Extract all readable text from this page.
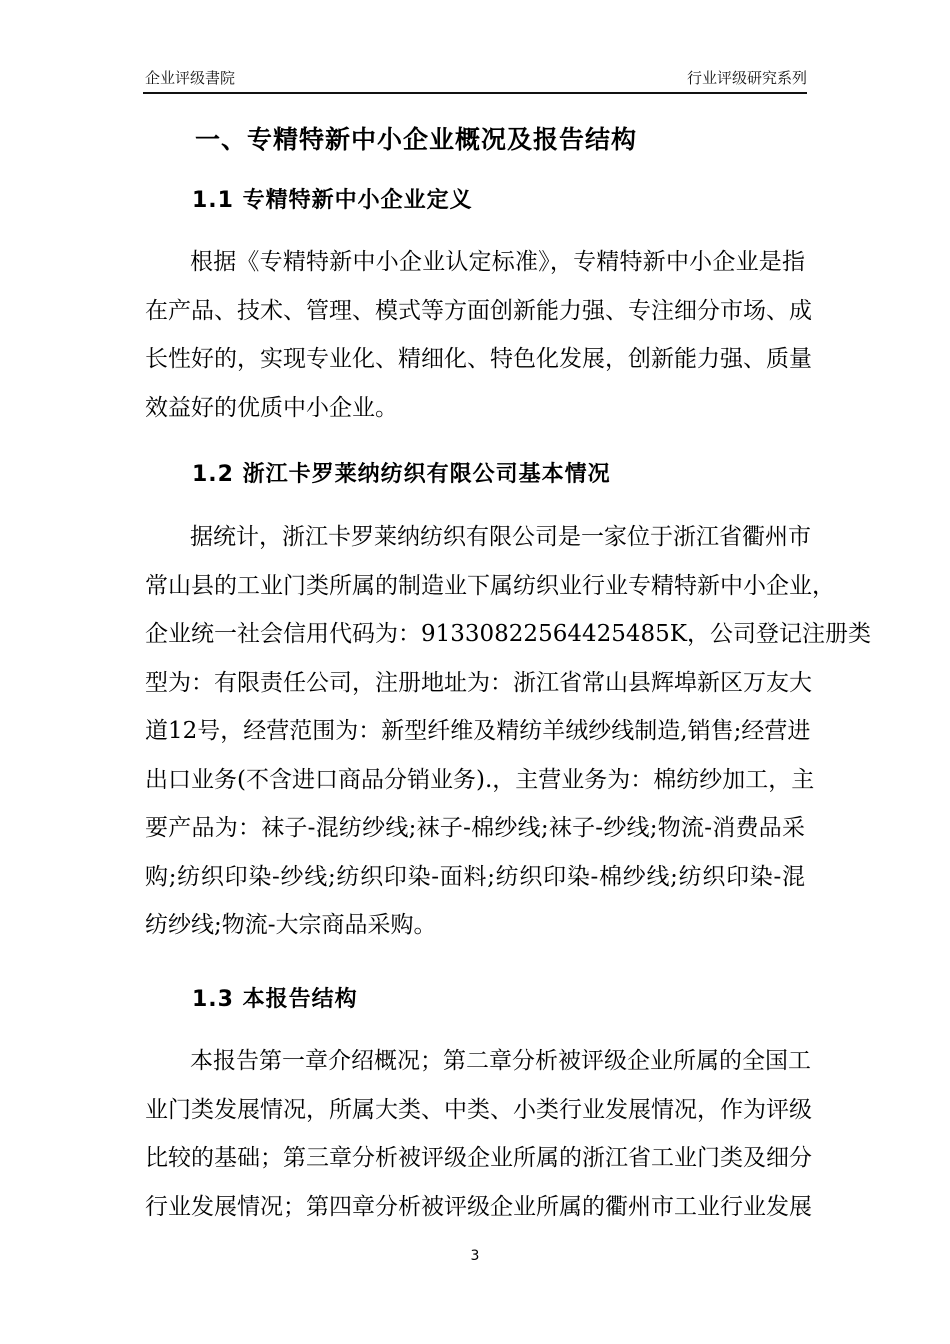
企业评级書院	行业评级研究系列
一、专精特新中小企业概况及报告结构
1.1 专精特新中小企业定义
根据《专精特新中小企业认定标准》，专精特新中小企业是指
在产品、技术、管理、模式等方面创新能力强、专注细分市场、成
长性好的，实现专业化、精细化、特色化发展，创新能力强、质量
效益好的优质中小企业。
1.2 浙江卡罗莱纳纺织有限公司基本情况
据统计，浙江卡罗莱纳纺织有限公司是一家位于浙江省衢州市
常山县的工业门类所属的制造业下属纺织业行业专精特新中小企业，
企业统一社会信用代码为：91330822564425485K，公司登记注册类
型为：有限责任公司，注册地址为：浙江省常山县辉埠新区万友大
道12号，经营范围为：新型纤维及精纺羊绒纱线制造,销售;经营进
出口业务(不含进口商品分销业务).，主营业务为：棉纺纱加工，主
要产品为：袜子-混纺纱线;袜子-棉纱线;袜子-纱线;物流-消费品采
购;纺织印染-纱线;纺织印染-面料;纺织印染-棉纱线;纺织印染-混
纺纱线;物流-大宗商品采购。
1.3 本报告结构
本报告第一章介绍概况；第二章分析被评级企业所属的全国工
业门类发展情况，所属大类、中类、小类行业发展情况，作为评级
比较的基础；第三章分析被评级企业所属的浙江省工业门类及细分
行业发展情况；第四章分析被评级企业所属的衢州市工业行业发展
3
